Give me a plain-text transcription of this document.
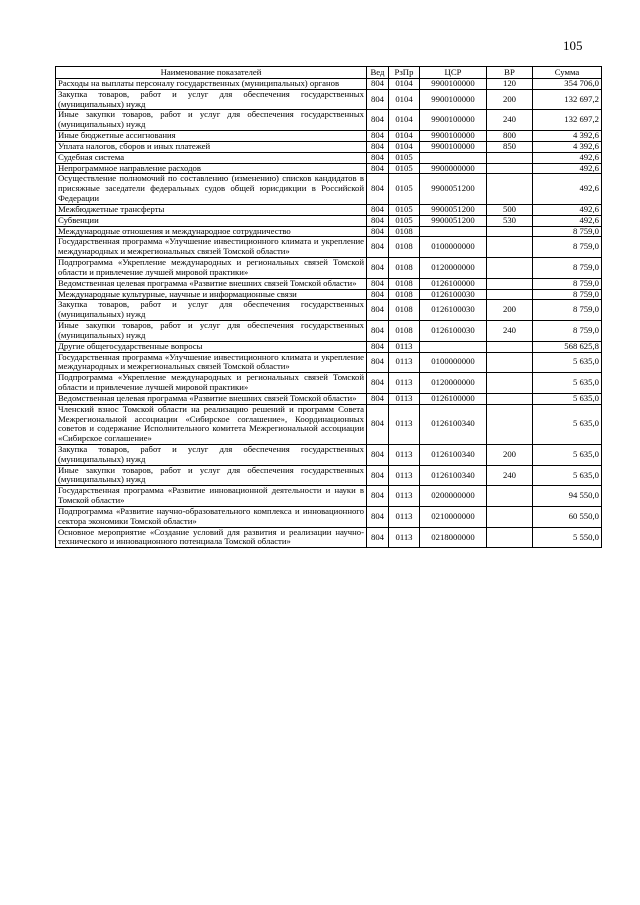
105
Наименование показателей	Вед	РзПр	ЦСР	ВР	Сумма
Расходы на выплаты персоналу государственных (муниципальных) органов	804	0104	9900100000	120	354 706,0
Закупка товаров, работ и услуг для обеспечения государственных (муниципальных) нужд	804	0104	9900100000	200	132 697,2
Иные закупки товаров, работ и услуг для обеспечения государственных (муниципальных) нужд	804	0104	9900100000	240	132 697,2
Иные бюджетные ассигнования	804	0104	9900100000	800	4 392,6
Уплата налогов, сборов и иных платежей	804	0104	9900100000	850	4 392,6
Судебная система	804	0105			492,6
Непрограммное направление расходов	804	0105	9900000000		492,6
Осуществление полномочий по составлению (изменению) списков кандидатов в присяжные заседатели федеральных судов общей юрисдикции в Российской Федерации	804	0105	9900051200		492,6
Межбюджетные трансферты	804	0105	9900051200	500	492,6
Субвенции	804	0105	9900051200	530	492,6
Международные отношения и международное сотрудничество	804	0108			8 759,0
Государственная программа «Улучшение инвестиционного климата и укрепление международных и межрегиональных связей Томской области»	804	0108	0100000000		8 759,0
Подпрограмма «Укрепление международных и региональных связей Томской области и привлечение лучшей мировой практики»	804	0108	0120000000		8 759,0
Ведомственная целевая программа «Развитие внешних связей Томской области»	804	0108	0126100000		8 759,0
Международные культурные, научные и информационные связи	804	0108	0126100030		8 759,0
Закупка товаров, работ и услуг для обеспечения государственных (муниципальных) нужд	804	0108	0126100030	200	8 759,0
Иные закупки товаров, работ и услуг для обеспечения государственных (муниципальных) нужд	804	0108	0126100030	240	8 759,0
Другие общегосударственные вопросы	804	0113			568 625,8
Государственная программа «Улучшение инвестиционного климата и укрепление международных и межрегиональных связей Томской области»	804	0113	0100000000		5 635,0
Подпрограмма «Укрепление международных и региональных связей Томской области и привлечение лучшей мировой практики»	804	0113	0120000000		5 635,0
Ведомственная целевая программа «Развитие внешних связей Томской области»	804	0113	0126100000		5 635,0
Членский взнос Томской области на реализацию решений и программ Совета Межрегиональной ассоциации «Сибирское соглашение», Координационных советов и содержание Исполнительного комитета Межрегиональной ассоциации «Сибирское соглашение»	804	0113	0126100340		5 635,0
Закупка товаров, работ и услуг для обеспечения государственных (муниципальных) нужд	804	0113	0126100340	200	5 635,0
Иные закупки товаров, работ и услуг для обеспечения государственных (муниципальных) нужд	804	0113	0126100340	240	5 635,0
Государственная программа «Развитие инновационной деятельности и науки в Томской области»	804	0113	0200000000		94 550,0
Подпрограмма «Развитие научно-образовательного комплекса и инновационного сектора экономики Томской области»	804	0113	0210000000		60 550,0
Основное мероприятие «Создание условий для развития и реализации научно-технического и инновационного потенциала Томской области»	804	0113	0218000000		5 550,0
